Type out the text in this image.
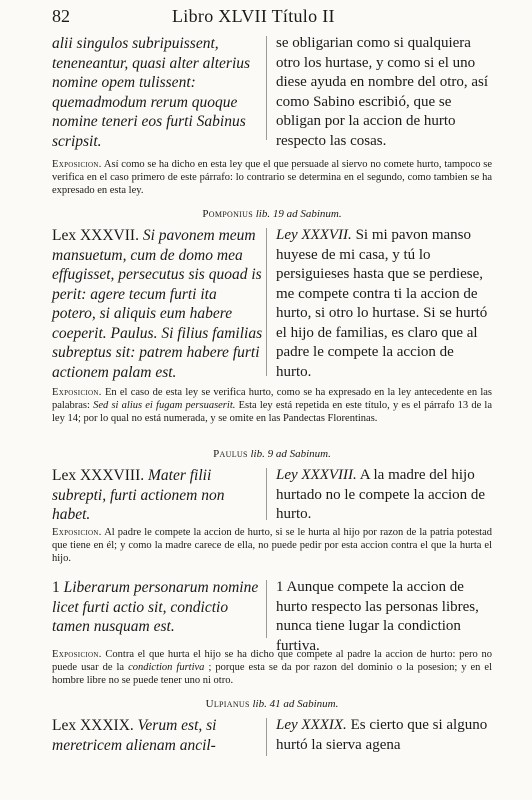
82	Libro XLVII Título II
alii singulos subripuissent, teneneantur, quasi alter alterius nomine opem tulissent: quemadmodum rerum quoque nomine teneri eos furti Sabinus scripsit.
se obligarian como si qualquiera otro los hurtase, y como si el uno diese ayuda en nombre del otro, así como Sabino escribió, que se obligan por la accion de hurto respecto las cosas.
Exposicion. Así como se ha dicho en esta ley que el que persuade al siervo no comete hurto, tampoco se verifica en el caso primero de este párrafo: lo contrario se determina en el segundo, como tambien se ha expresado en esta ley.
Pomponius lib. 19 ad Sabinum.
Lex XXXVII. Si pavonem meum mansuetum, cum de domo mea effugisset, persecutus sis quoad is perit: agere tecum furti ita potero, si aliquis eum habere coeperit. Paulus. Si filius familias subreptus sit: patrem habere furti actionem palam est.
Ley XXXVII. Si mi pavon manso huyese de mi casa, y tú lo persiguieses hasta que se perdiese, me compete contra ti la accion de hurto, si otro lo hurtase. Si se hurtó el hijo de familias, es claro que al padre le compete la accion de hurto.
Exposicion. En el caso de esta ley se verifica hurto, como se ha expresado en la ley antecedente en las palabras: Sed si alius ei fugam persuaserit. Esta ley está repetida en este título, y es el párrafo 13 de la ley 14; por lo qual no está numerada, y se omite en las Pandectas Florentinas.
Paulus lib. 9 ad Sabinum.
Lex XXXVIII. Mater filii subrepti, furti actionem non habet.
Ley XXXVIII. A la madre del hijo hurtado no le compete la accion de hurto.
Exposicion. Al padre le compete la accion de hurto, si se le hurta al hijo por razon de la patria potestad que tiene en él; y como la madre carece de ella, no puede pedir por esta accion contra el que la hurta el hijo.
1 Liberarum personarum nomine licet furti actio sit, condictio tamen nusquam est.
1 Aunque compete la accion de hurto respecto las personas libres, nunca tiene lugar la condiction furtiva.
Exposicion. Contra el que hurta el hijo se ha dicho que compete al padre la accion de hurto: pero no puede usar de la condiction furtiva ; porque esta se da por razon del dominio o la posesion; y en el hombre libre no se puede tener uno ni otro.
Ulpianus lib. 41 ad Sabinum.
Lex XXXIX. Verum est, si meretricem alienam ancil-
Ley XXXIX. Es cierto que si alguno hurtó la sierva agena
